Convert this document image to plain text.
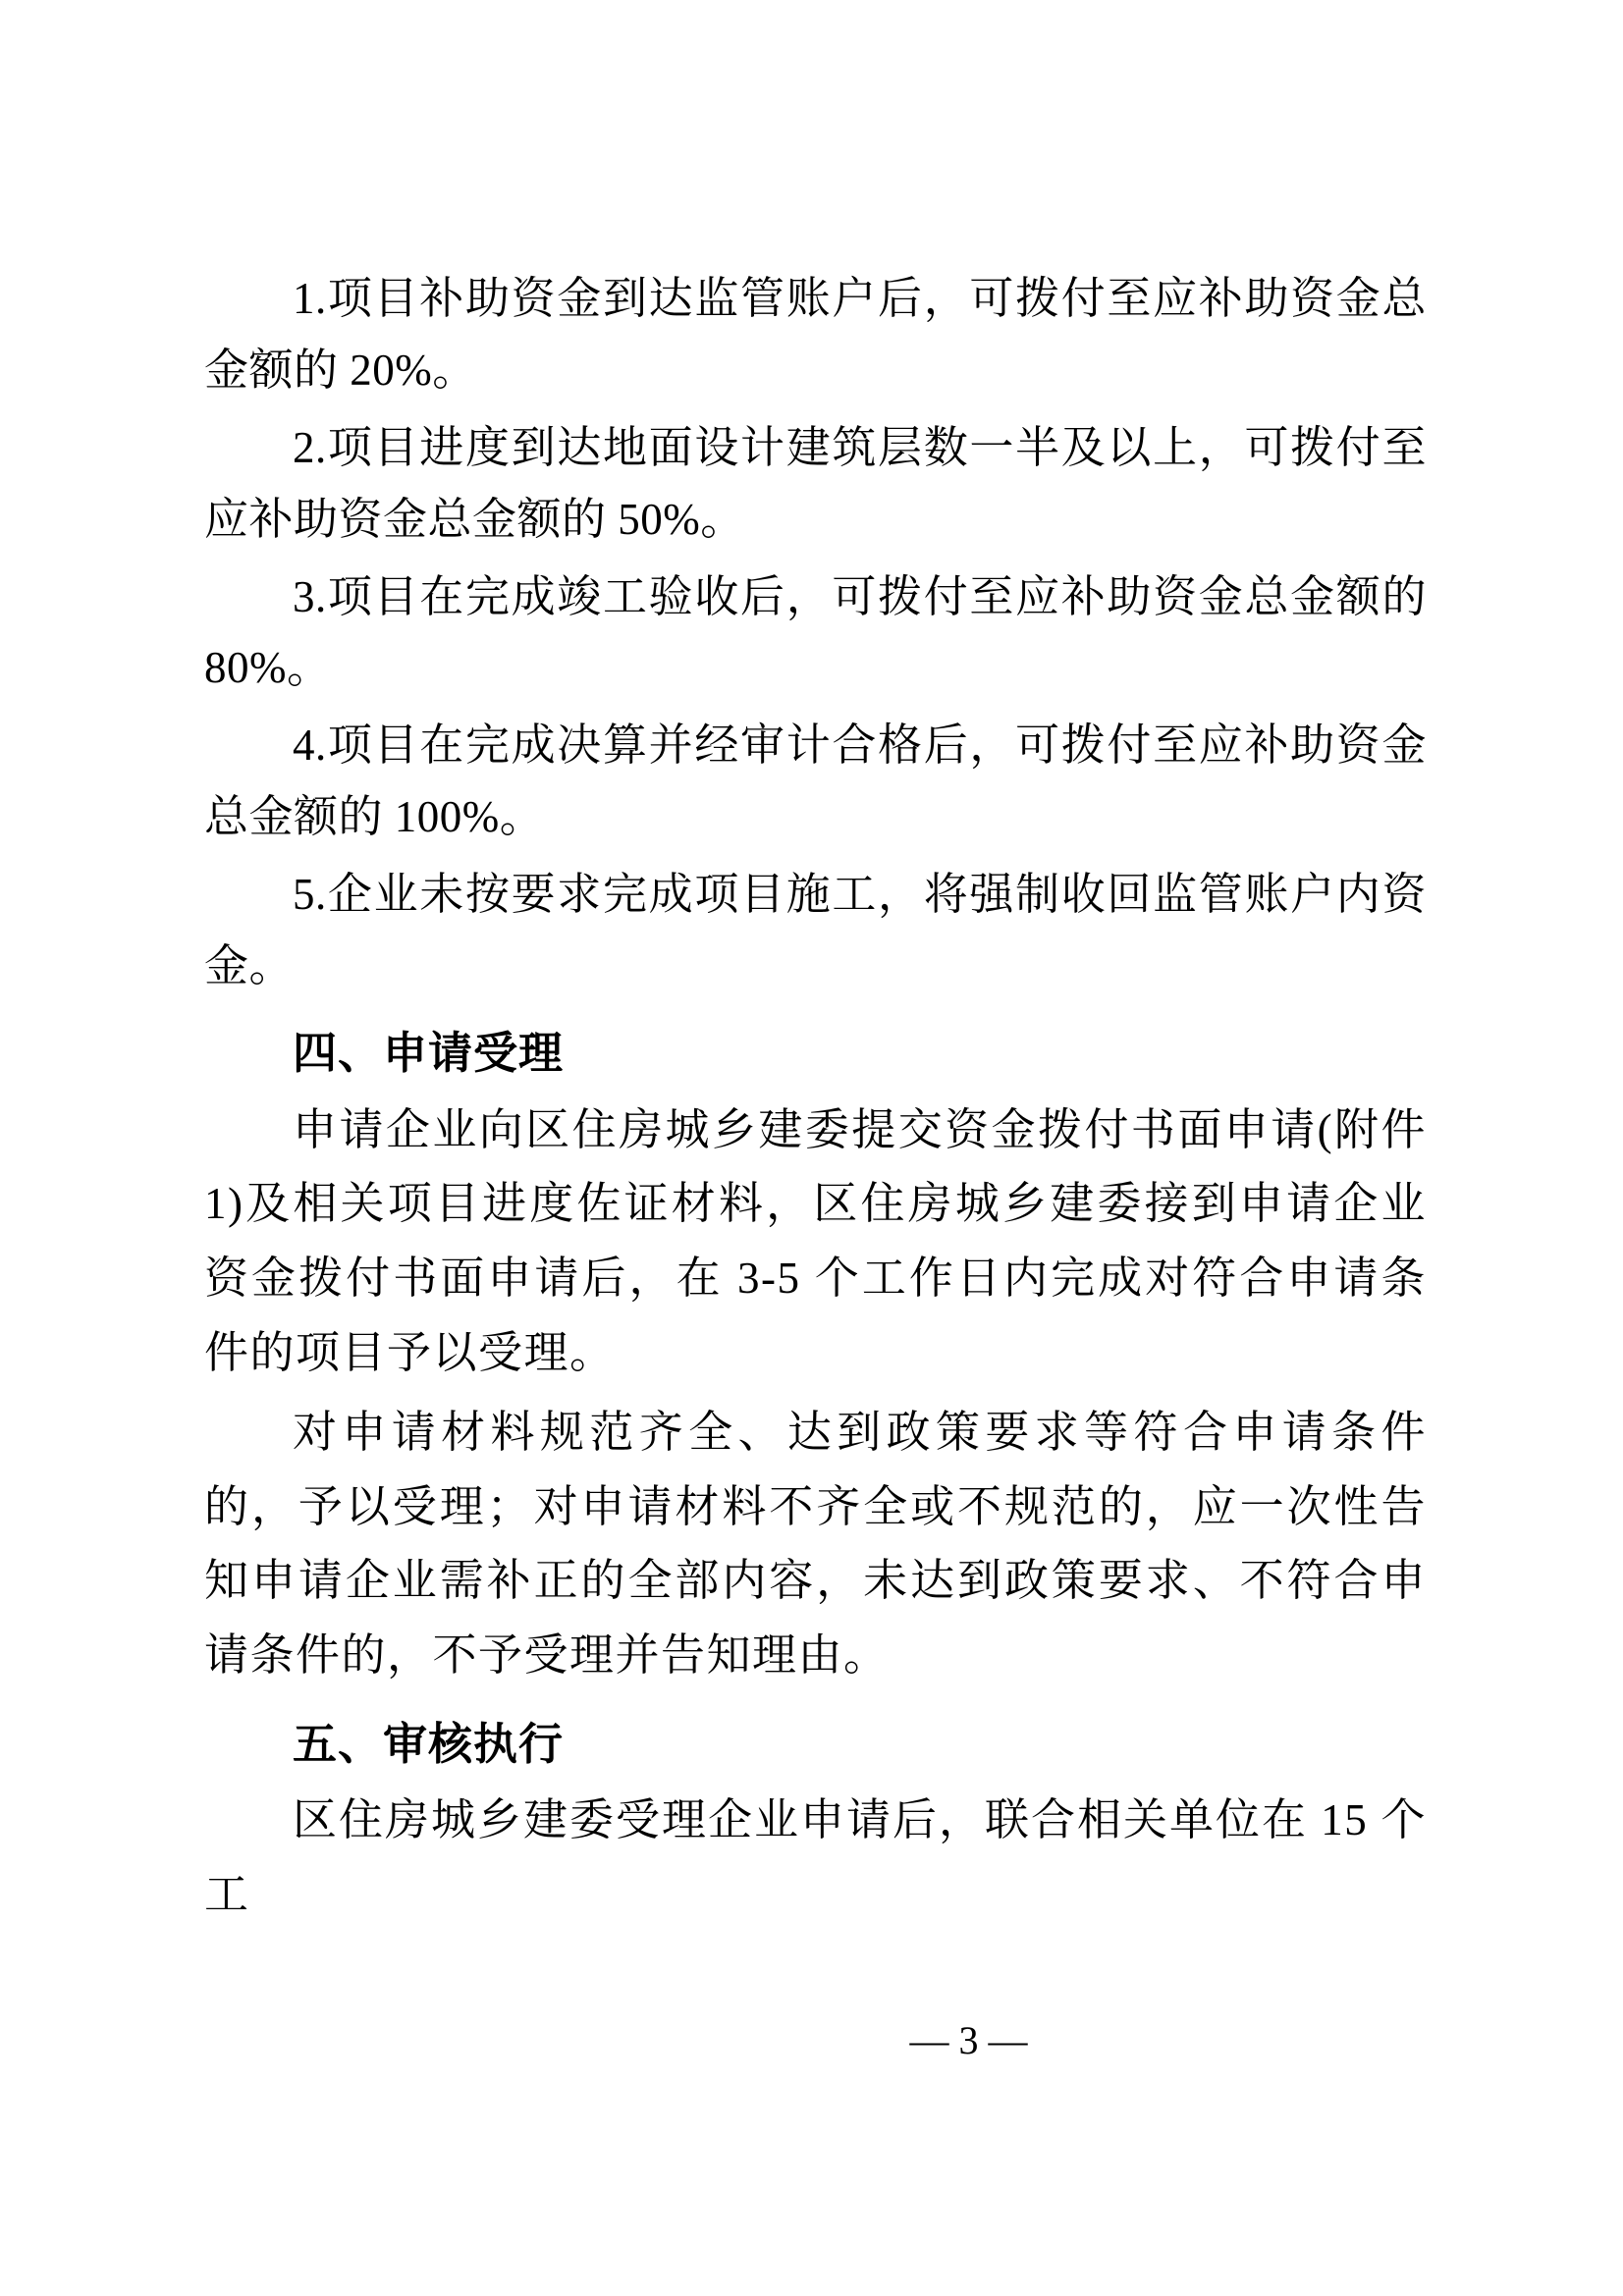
1.项目补助资金到达监管账户后，可拨付至应补助资金总金额的 20%。

2.项目进度到达地面设计建筑层数一半及以上，可拨付至应补助资金总金额的 50%。

3.项目在完成竣工验收后，可拨付至应补助资金总金额的 80%。

4.项目在完成决算并经审计合格后，可拨付至应补助资金总金额的 100%。

5.企业未按要求完成项目施工，将强制收回监管账户内资金。

四、申请受理

申请企业向区住房城乡建委提交资金拨付书面申请(附件 1)及相关项目进度佐证材料，区住房城乡建委接到申请企业资金拨付书面申请后，在 3-5 个工作日内完成对符合申请条件的项目予以受理。

对申请材料规范齐全、达到政策要求等符合申请条件的，予以受理；对申请材料不齐全或不规范的，应一次性告知申请企业需补正的全部内容，未达到政策要求、不符合申请条件的，不予受理并告知理由。

五、审核执行

区住房城乡建委受理企业申请后，联合相关单位在 15 个工

— 3 —
